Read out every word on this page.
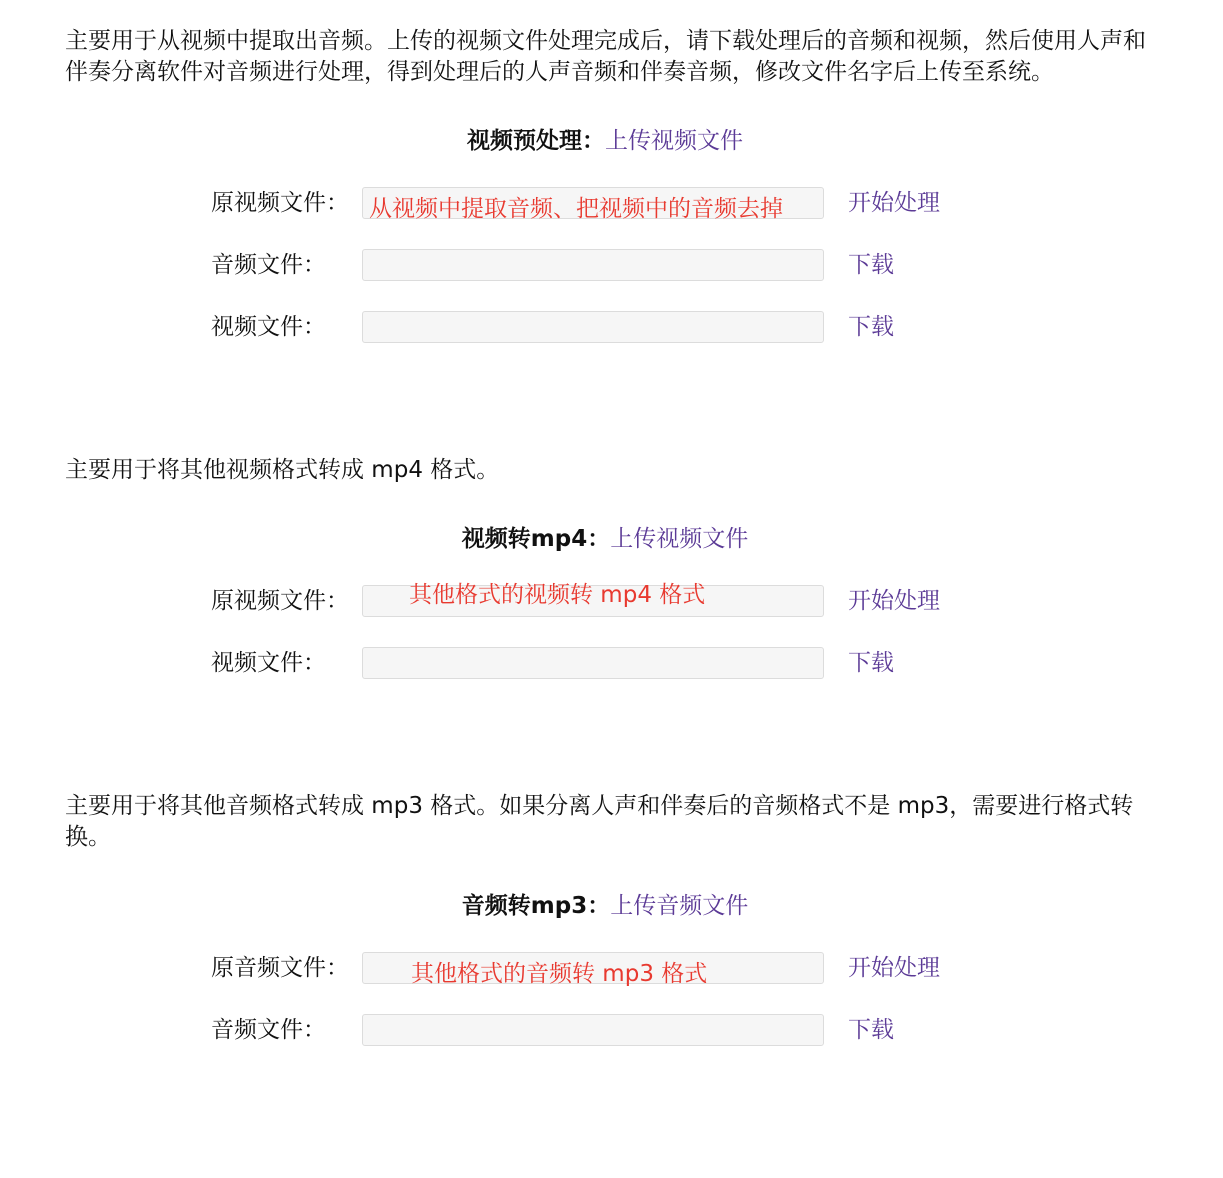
主要用于从视频中提取出音频。上传的视频文件处理完成后，请下载处理后的音频和视频，然后使用人声和伴奏分离软件对音频进行处理，得到处理后的人声音频和伴奏音频，修改文件名字后上传至系统。

视频预处理：上传视频文件
原视频文件： 从视频中提取音频、把视频中的音频去掉	开始处理
音频文件：	下载
视频文件：	下载

主要用于将其他视频格式转成 mp4 格式。

视频转mp4：上传视频文件
原视频文件：	其他格式的视频转 mp4 格式	开始处理
视频文件：	下载

主要用于将其他音频格式转成 mp3 格式。如果分离人声和伴奏后的音频格式不是 mp3，需要进行格式转换。

音频转mp3：上传音频文件
原音频文件：	其他格式的音频转 mp3 格式	开始处理
音频文件：	下载
